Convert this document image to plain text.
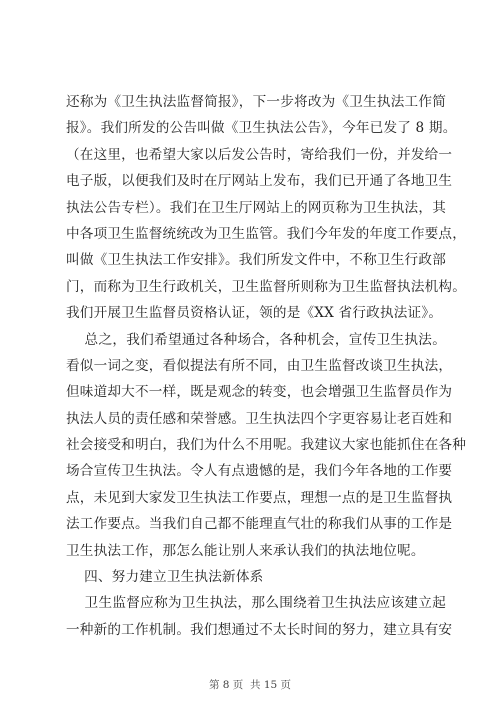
还称为《卫生执法监督简报》，下一步将改为《卫生执法工作简
报》。我们所发的公告叫做《卫生执法公告》，今年已发了 8 期。
（在这里，也希望大家以后发公告时，寄给我们一份，并发给一
电子版，以便我们及时在厅网站上发布，我们已开通了各地卫生
执法公告专栏）。我们在卫生厅网站上的网页称为卫生执法，其
中各项卫生监督统统改为卫生监管。我们今年发的年度工作要点，
叫做《卫生执法工作安排》。我们所发文件中，不称卫生行政部
门，而称为卫生行政机关，卫生监督所则称为卫生监督执法机构。
我们开展卫生监督员资格认证，领的是《XX 省行政执法证》。
总之，我们希望通过各种场合，各种机会，宣传卫生执法。
看似一词之变，看似提法有所不同，由卫生监督改谈卫生执法，
但味道却大不一样，既是观念的转变，也会增强卫生监督员作为
执法人员的责任感和荣誉感。卫生执法四个字更容易让老百姓和
社会接受和明白，我们为什么不用呢。我建议大家也能抓住在各种
场合宣传卫生执法。令人有点遗憾的是，我们今年各地的工作要
点，未见到大家发卫生执法工作要点，理想一点的是卫生监督执
法工作要点。当我们自己都不能理直气壮的称我们从事的工作是
卫生执法工作，那怎么能让别人来承认我们的执法地位呢。
四、努力建立卫生执法新体系
卫生监督应称为卫生执法，那么围绕着卫生执法应该建立起
一种新的工作机制。我们想通过不太长时间的努力，建立具有安
第 8 页  共 15 页
